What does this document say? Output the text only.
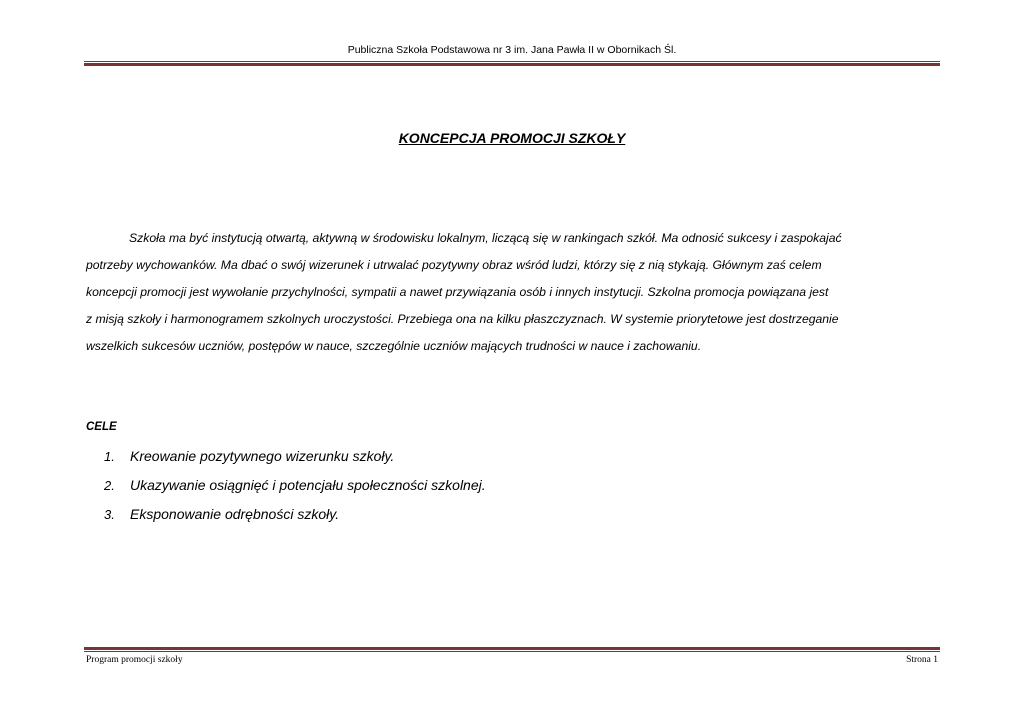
Publiczna Szkoła Podstawowa nr 3 im. Jana Pawła II w Obornikach Śl.
KONCEPCJA PROMOCJI SZKOŁY
Szkoła ma być instytucją otwartą, aktywną w środowisku lokalnym, liczącą się w rankingach szkół. Ma odnosić sukcesy i zaspokajać
potrzeby wychowanków. Ma dbać o swój wizerunek i utrwalać pozytywny obraz wśród ludzi, którzy się z nią stykają. Głównym zaś celem
koncepcji promocji jest wywołanie przychylności, sympatii a nawet przywiązania osób i innych instytucji. Szkolna promocja powiązana jest
z misją szkoły i harmonogramem szkolnych uroczystości. Przebiega ona na kilku płaszczyznach. W systemie priorytetowe jest dostrzeganie
wszelkich sukcesów uczniów, postępów w nauce, szczególnie uczniów mających trudności w nauce i zachowaniu.
CELE
1. Kreowanie pozytywnego wizerunku szkoły.
2. Ukazywanie osiągnięć i potencjału społeczności szkolnej.
3. Eksponowanie odrębności szkoły.
Program promocji szkoły	Strona 1
